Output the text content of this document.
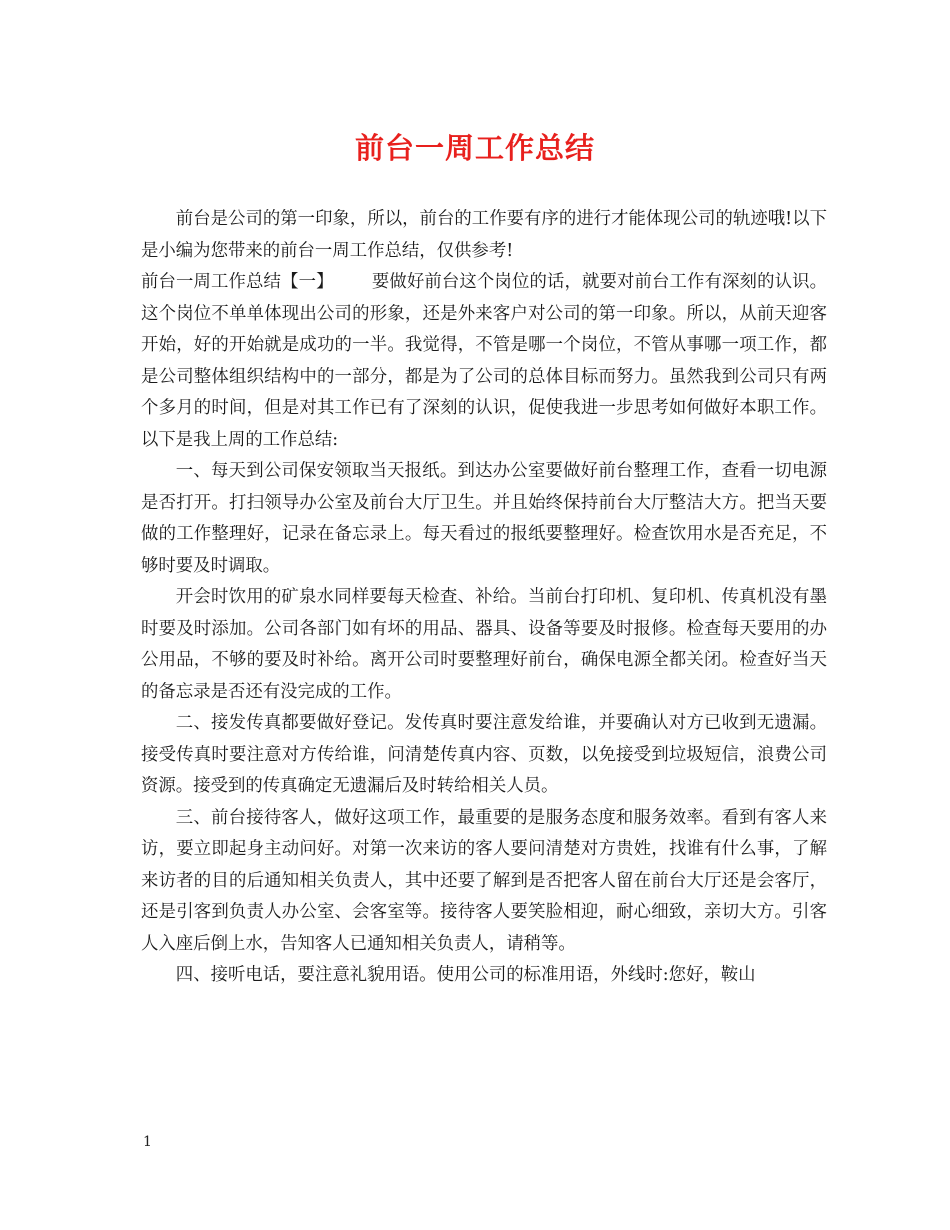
前台一周工作总结

前台是公司的第一印象，所以，前台的工作要有序的进行才能体现公司的轨迹哦!以下是小编为您带来的前台一周工作总结，仅供参考!

前台一周工作总结【一】 要做好前台这个岗位的话，就要对前台工作有深刻的认识。这个岗位不单单体现出公司的形象，还是外来客户对公司的第一印象。所以，从前天迎客开始，好的开始就是成功的一半。我觉得，不管是哪一个岗位，不管从事哪一项工作，都是公司整体组织结构中的一部分，都是为了公司的总体目标而努力。虽然我到公司只有两个多月的时间，但是对其工作已有了深刻的认识，促使我进一步思考如何做好本职工作。以下是我上周的工作总结:

一、每天到公司保安领取当天报纸。到达办公室要做好前台整理工作，查看一切电源是否打开。打扫领导办公室及前台大厅卫生。并且始终保持前台大厅整洁大方。把当天要做的工作整理好，记录在备忘录上。每天看过的报纸要整理好。检查饮用水是否充足，不够时要及时调取。

开会时饮用的矿泉水同样要每天检查、补给。当前台打印机、复印机、传真机没有墨时要及时添加。公司各部门如有坏的用品、器具、设备等要及时报修。检查每天要用的办公用品，不够的要及时补给。离开公司时要整理好前台，确保电源全都关闭。检查好当天的备忘录是否还有没完成的工作。

二、接发传真都要做好登记。发传真时要注意发给谁，并要确认对方已收到无遗漏。接受传真时要注意对方传给谁，问清楚传真内容、页数，以免接受到垃圾短信，浪费公司资源。接受到的传真确定无遗漏后及时转给相关人员。

三、前台接待客人，做好这项工作，最重要的是服务态度和服务效率。看到有客人来访，要立即起身主动问好。对第一次来访的客人要问清楚对方贵姓，找谁有什么事，了解来访者的目的后通知相关负责人，其中还要了解到是否把客人留在前台大厅还是会客厅，还是引客到负责人办公室、会客室等。接待客人要笑脸相迎，耐心细致，亲切大方。引客人入座后倒上水，告知客人已通知相关负责人，请稍等。

四、接听电话，要注意礼貌用语。使用公司的标准用语，外线时:您好，鞍山

1
